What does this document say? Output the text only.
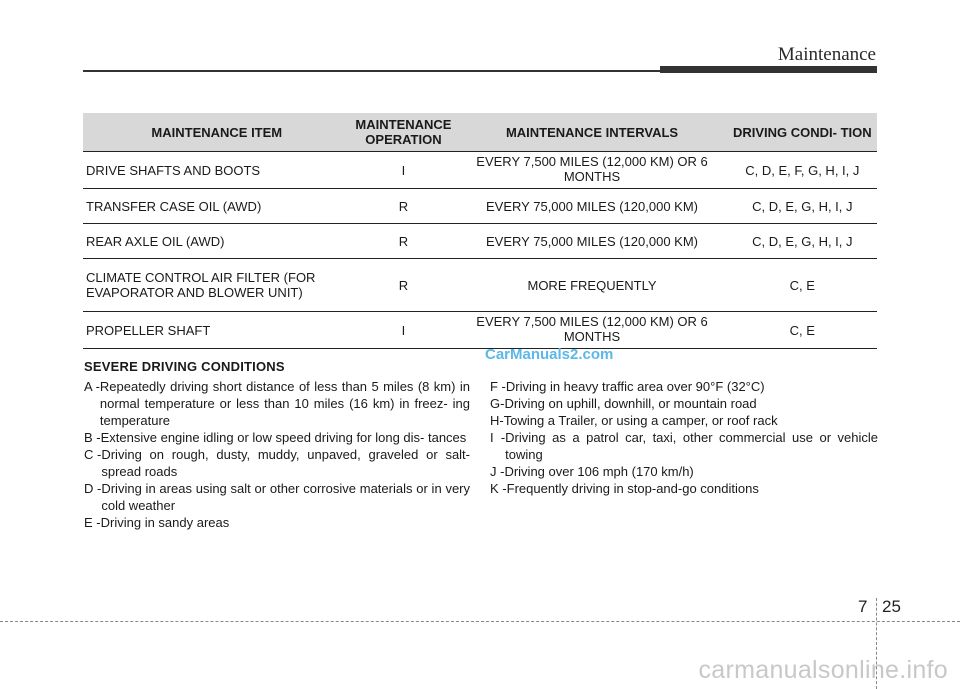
Maintenance
MAINTENANCE ITEM	MAINTENANCE OPERATION	MAINTENANCE INTERVALS	DRIVING CONDI- TION
DRIVE SHAFTS AND BOOTS	I	EVERY 7,500 MILES (12,000 KM) OR 6 MONTHS	C, D, E, F, G, H, I, J
TRANSFER CASE OIL (AWD)	R	EVERY 75,000 MILES (120,000 KM)	C, D, E, G, H, I, J
REAR AXLE OIL (AWD)	R	EVERY 75,000 MILES (120,000 KM)	C, D, E, G, H, I, J
CLIMATE CONTROL AIR FILTER (FOR EVAPORATOR AND BLOWER UNIT)	R	MORE FREQUENTLY	C, E
PROPELLER SHAFT	I	EVERY 7,500 MILES (12,000 KM) OR 6 MONTHS	C, E
SEVERE DRIVING CONDITIONS
CarManuals2.com
A - Repeatedly driving short distance of less than 5 miles (8 km) in normal temperature or less than 10 miles (16 km) in freez- ing temperature
B - Extensive engine idling or low speed driving for long dis- tances
C - Driving on rough, dusty, muddy, unpaved, graveled or salt- spread roads
D - Driving in areas using salt or other corrosive materials or in very cold weather
E - Driving in sandy areas
F - Driving in heavy traffic area over 90°F (32°C)
G- Driving on uphill, downhill, or mountain road
H- Towing a Trailer, or using a camper, or roof rack
I  - Driving as a patrol car, taxi, other commercial use or vehicle towing
J - Driving over 106 mph (170 km/h)
K - Frequently driving in stop-and-go conditions
7 25
carmanualsonline.info
